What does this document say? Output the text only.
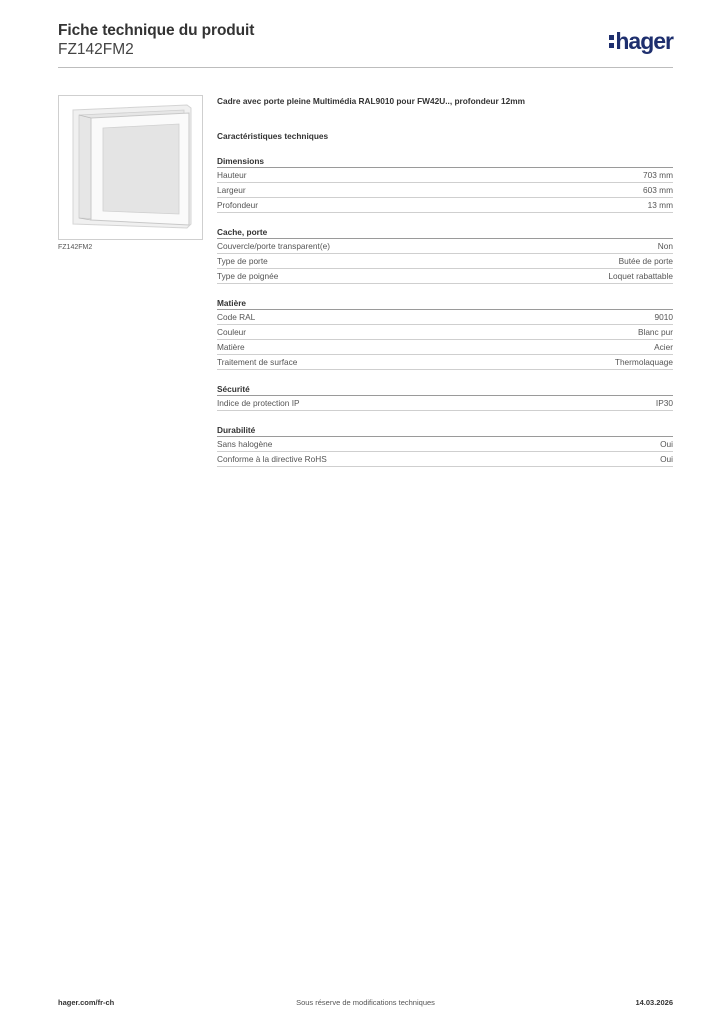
Fiche technique du produit
FZ142FM2	hager
FZ142FM2
Cadre avec porte pleine Multimédia RAL9010 pour FW42U.., profondeur 12mm
Caractéristiques techniques
Dimensions
Hauteur	703 mm
Largeur	603 mm
Profondeur	13 mm
Cache, porte
Couvercle/porte transparent(e)	Non
Type de porte	Butée de porte
Type de poignée	Loquet rabattable
Matière
Code RAL	9010
Couleur	Blanc pur
Matière	Acier
Traitement de surface	Thermolaquage
Sécurité
Indice de protection IP	IP30
Durabilité
Sans halogène	Oui
Conforme à la directive RoHS	Oui
hager.com/fr-ch	Sous réserve de modifications techniques	14.03.2026
